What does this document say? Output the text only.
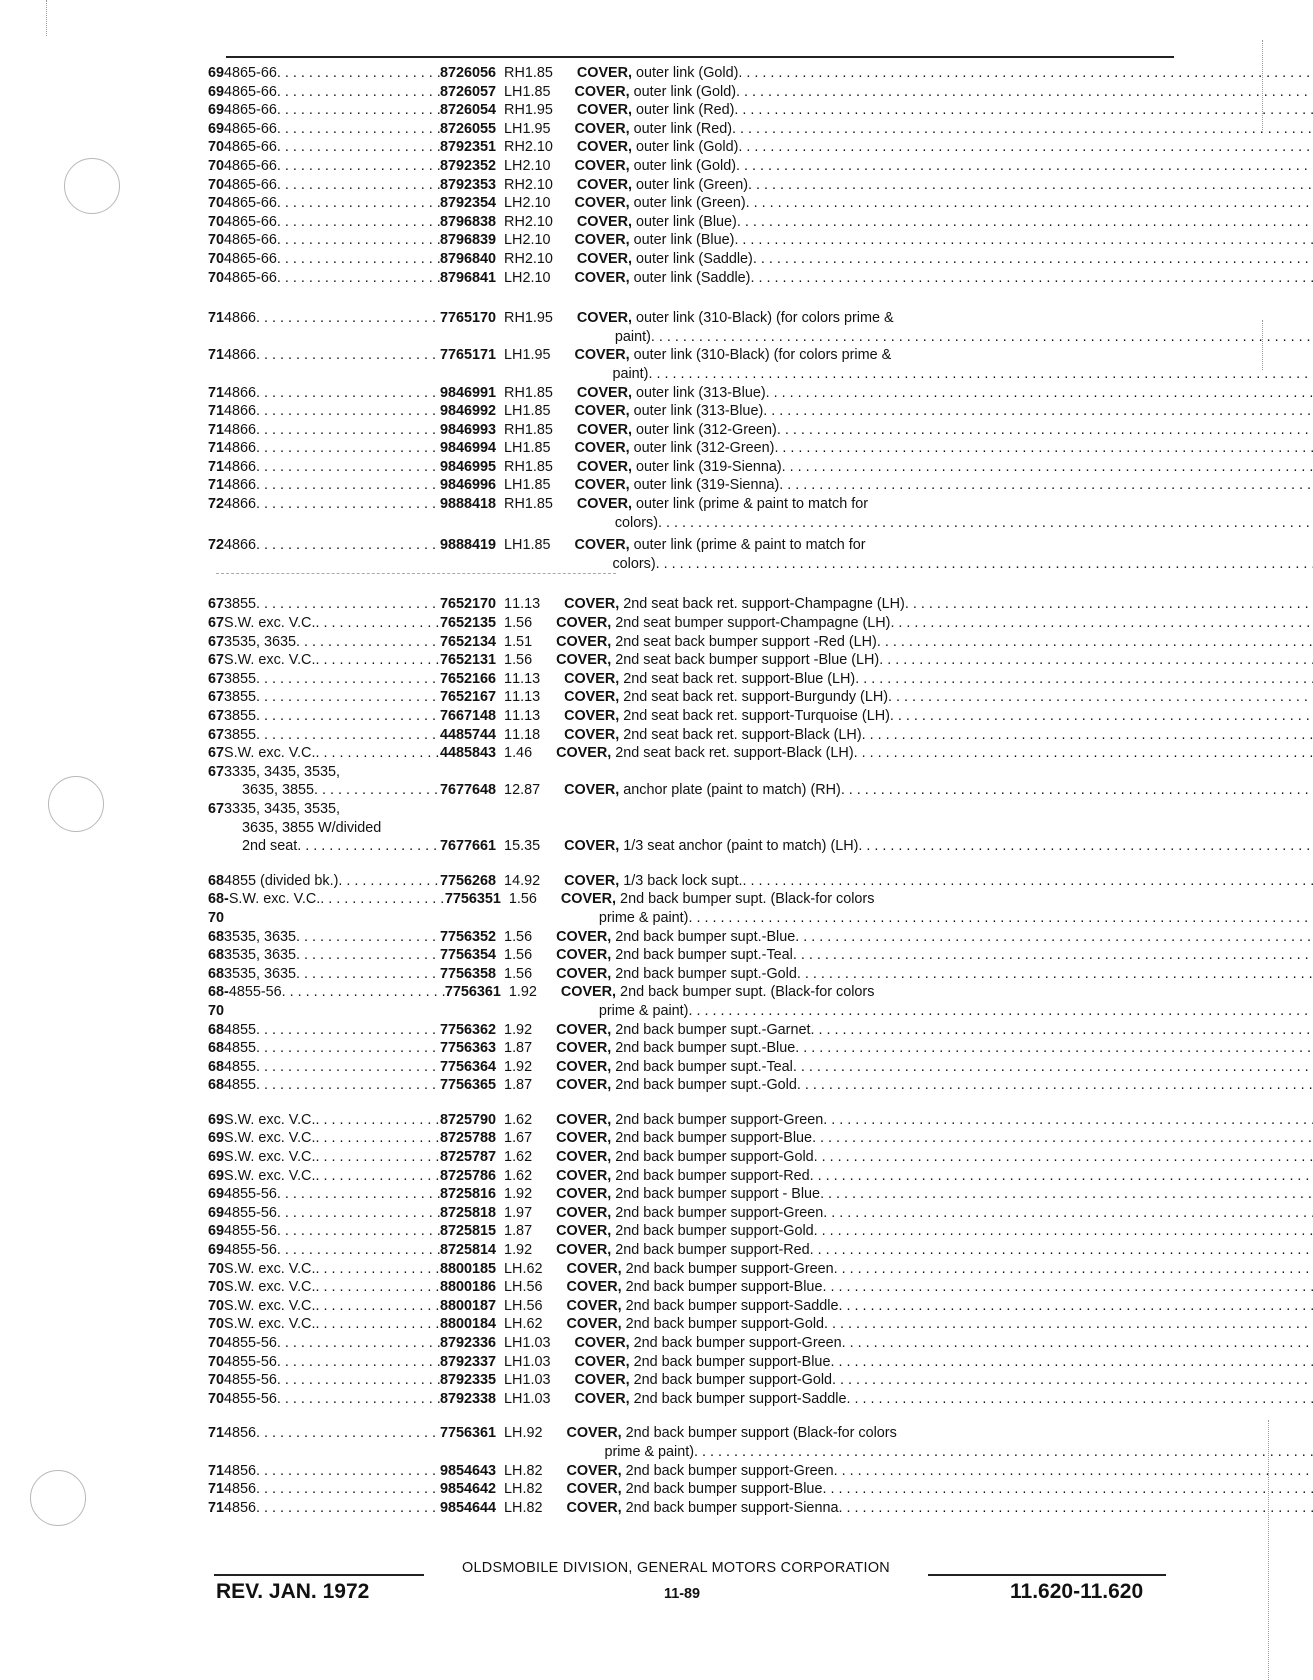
69 4865-66 . . .	8726056 RH 1.85	COVER, outer link (Gold)
. . .
69 4865-66 . . .	8726057 LH 1.85	COVER, outer link (Gold)
. . .
69 4865-66 . . .	8726054 RH 1.95	COVER, outer link (Red)
. . .
69 4865-66 . . .	8726055 LH 1.95	COVER, outer link (Red)
. . .
70 4865-66 . . .	8792351 RH 2.10	COVER, outer link (Gold)
. . .
70 4865-66 . . .	8792352 LH 2.10	COVER, outer link (Gold)
. . .
70 4865-66 . . .	8792353 RH 2.10	COVER, outer link (Green)
. . .
70 4865-66 . . .	8792354 LH 2.10	COVER, outer link (Green)
. . .
70 4865-66 . . .	8796838 RH 2.10	COVER, outer link (Blue)
. . .
70 4865-66 . . .	8796839 LH 2.10	COVER, outer link (Blue)
. . .
70 4865-66 . . .	8796840 RH 2.10	COVER, outer link (Saddle)
. . .
70 4865-66 . . .	8796841 LH 2.10	COVER, outer link (Saddle)
. . .
71 4866 . . .	7765170 RH 1.95	COVER, outer link (310-Black) (for colors prime &
paint)
. . .
71 4866 . . .	7765171 LH 1.95	COVER, outer link (310-Black) (for colors prime &
paint)
. . .
71 4866 . . .	9846991 RH 1.85	COVER, outer link (313-Blue)
. . .
71 4866 . . .	9846992 LH 1.85	COVER, outer link (313-Blue)
. . .
71 4866 . . .	9846993 RH 1.85	COVER, outer link (312-Green)
. . .
71 4866 . . .	9846994 LH 1.85	COVER, outer link (312-Green)
. . .
71 4866 . . .	9846995 RH 1.85	COVER, outer link (319-Sienna)
. . .
71 4866 . . .	9846996 LH 1.85	COVER, outer link (319-Sienna)
. . .
72 4866 . . .	9888418 RH 1.85	COVER, outer link (prime & paint to match for
colors)
. . .
72 4866 . . .	9888419 LH 1.85	COVER, outer link (prime & paint to match for
colors)
. . .
67 3855 . . .	7652170 1 1.13	COVER, 2nd seat back ret. support-Champagne (LH)
. . .
67 S.W. exc. V.C. . . .	7652135 1 .56	COVER, 2nd seat bumper support-Champagne (LH)
. . .
67 3535, 3635 . . .	7652134 1 .51	COVER, 2nd seat back bumper support -Red (LH)
. . .
67 S.W. exc. V.C. . . .	7652131 1 .56	COVER, 2nd seat back bumper support -Blue (LH)
. . .
67 3855 . . .	7652166 1 1.13	COVER, 2nd seat back ret. support-Blue (LH)
. . .
67 3855 . . .	7652167 1 1.13	COVER, 2nd seat back ret. support-Burgundy (LH)
. . .
67 3855 . . .	7667148 1 1.13	COVER, 2nd seat back ret. support-Turquoise (LH)
. . .
67 3855 . . .	4485744 1 1.18	COVER, 2nd seat back ret. support-Black (LH)
. . .
67 S.W. exc. V.C. . . .	4485843 1 .46	COVER, 2nd seat back ret. support-Black (LH)
. . .
67 3335, 3435, 3535,
3635, 3855 . . .	7677648 1 2.87	COVER, anchor plate (paint to match) (RH)
. . .
67 3335, 3435, 3535,
3635, 3855 W/divided
2nd seat . . .	7677661 1 5.35	COVER, 1/3 seat anchor (paint to match) (LH)
. . .
68 4855 (divided bk.) . . .	7756268 1 4.92	COVER, 1/3 back lock supt.
. . .
68-70
S.W. exc. V.C. . . .	7756351 1 .56	COVER, 2nd back bumper supt. (Black-for colors
prime & paint)
. . .
68 3535, 3635 . . .	7756352 1 .56	COVER, 2nd back bumper supt.-Blue
. . .
68 3535, 3635 . . .	7756354 1 .56	COVER, 2nd back bumper supt.-Teal
. . .
68 3535, 3635 . . .	7756358 1 .56	COVER, 2nd back bumper supt.-Gold
. . .
68-70
4855-56 . . .	7756361 1 .92	COVER, 2nd back bumper supt. (Black-for colors
prime & paint)
. . .
68 4855 . . .	7756362 1 .92	COVER, 2nd back bumper supt.-Garnet
. . .
68 4855 . . .	7756363 1 .87	COVER, 2nd back bumper supt.-Blue
. . .
68 4855 . . .	7756364 1 .92	COVER, 2nd back bumper supt.-Teal
. . .
68 4855 . . .	7756365 1 .87	COVER, 2nd back bumper supt.-Gold
. . .
69 S.W. exc. V.C. . . .	8725790 1 .62	COVER, 2nd back bumper support-Green
. . .
69 S.W. exc. V.C. . . .	8725788 1 .67	COVER, 2nd back bumper support-Blue
. . .
69 S.W. exc. V.C. . . .	8725787 1 .62	COVER, 2nd back bumper support-Gold
. . .
69 S.W. exc. V.C. . . .	8725786 1 .62	COVER, 2nd back bumper support-Red
. . .
69 4855-56 . . .	8725816 1 .92	COVER, 2nd back bumper support - Blue
. . .
69 4855-56 . . .	8725818 1 .97	COVER, 2nd back bumper support-Green
. . .
69 4855-56 . . .	8725815 1 .87	COVER, 2nd back bumper support-Gold
. . .
69 4855-56 . . .	8725814 1 .92	COVER, 2nd back bumper support-Red
. . .
70 S.W. exc. V.C. . . .	8800185 LH .62	COVER, 2nd back bumper support-Green
. . .
70 S.W. exc. V.C. . . .	8800186 LH .56	COVER, 2nd back bumper support-Blue
. . .
70 S.W. exc. V.C. . . .	8800187 LH .56	COVER, 2nd back bumper support-Saddle
. . .
70 S.W. exc. V.C. . . .	8800184 LH .62	COVER, 2nd back bumper support-Gold
. . .
70 4855-56 . . .	8792336 LH 1.03	COVER, 2nd back bumper support-Green
. . .
70 4855-56 . . .	8792337 LH 1.03	COVER, 2nd back bumper support-Blue
. . .
70 4855-56 . . .	8792335 LH 1.03	COVER, 2nd back bumper support-Gold
. . .
70 4855-56 . . .	8792338 LH 1.03	COVER, 2nd back bumper support-Saddle
. . .
71 4856 . . .	7756361 LH .92	COVER, 2nd back bumper support (Black-for colors
prime & paint)
. . .
71 4856 . . .	9854643 LH .82	COVER, 2nd back bumper support-Green
. . .
71 4856 . . .	9854642 LH .82	COVER, 2nd back bumper support-Blue
. . .
71 4856 . . .	9854644 LH .82	COVER, 2nd back bumper support-Sienna
. . .
OLDSMOBILE DIVISION, GENERAL MOTORS CORPORATION
REV. JAN. 1972	11-89	11.620-11.620
